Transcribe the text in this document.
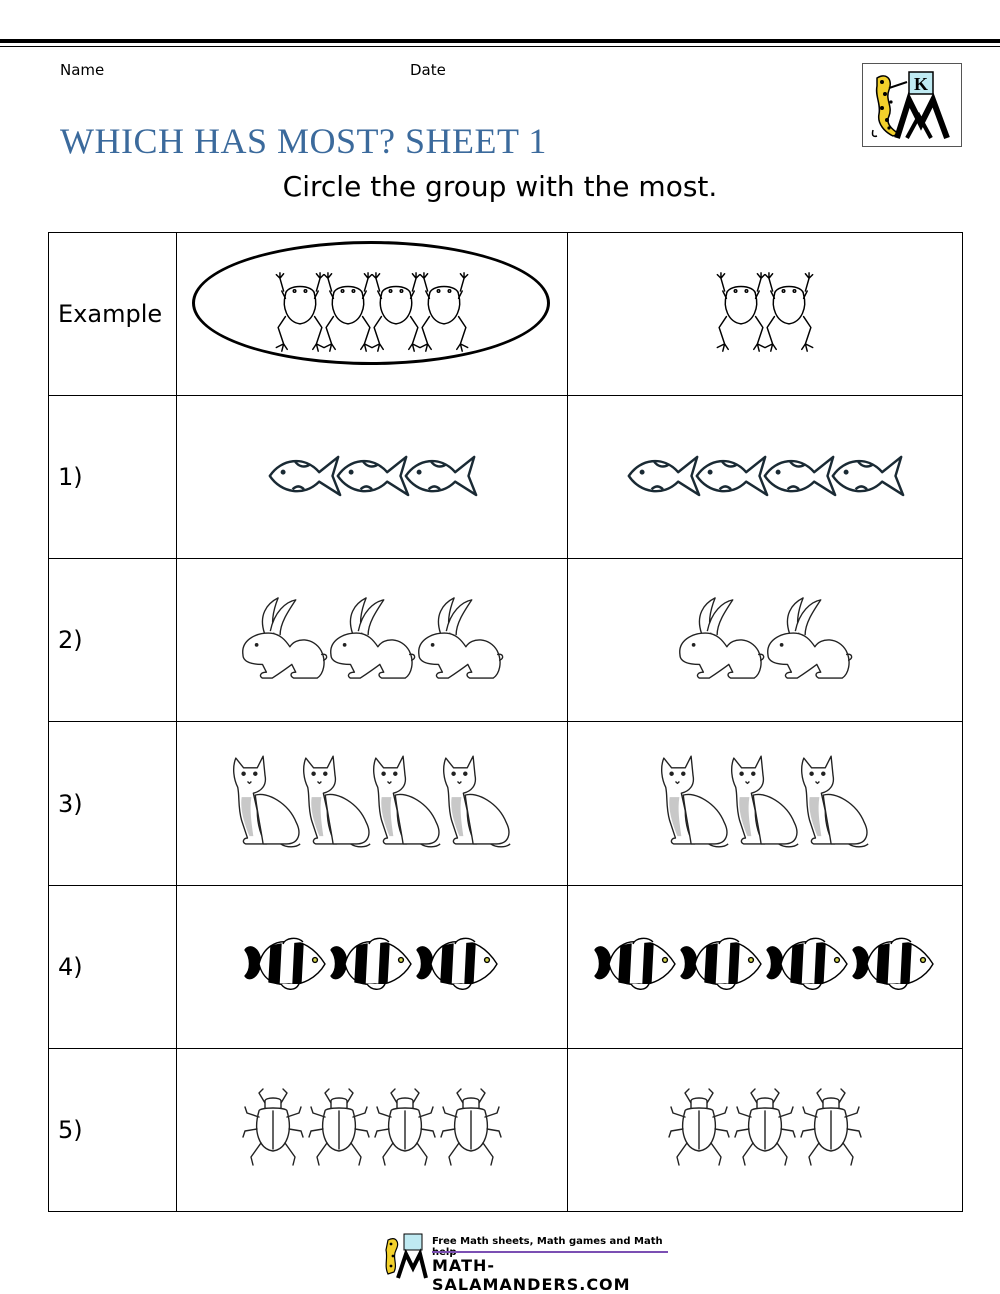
Name	Date
K
WHICH HAS MOST? SHEET 1
Circle the group with the most.
Example	

1)	

2)	

3)	

4)	

5)	

Free Math sheets, Math games and Math
MATH-SALAMANDERS.COM
